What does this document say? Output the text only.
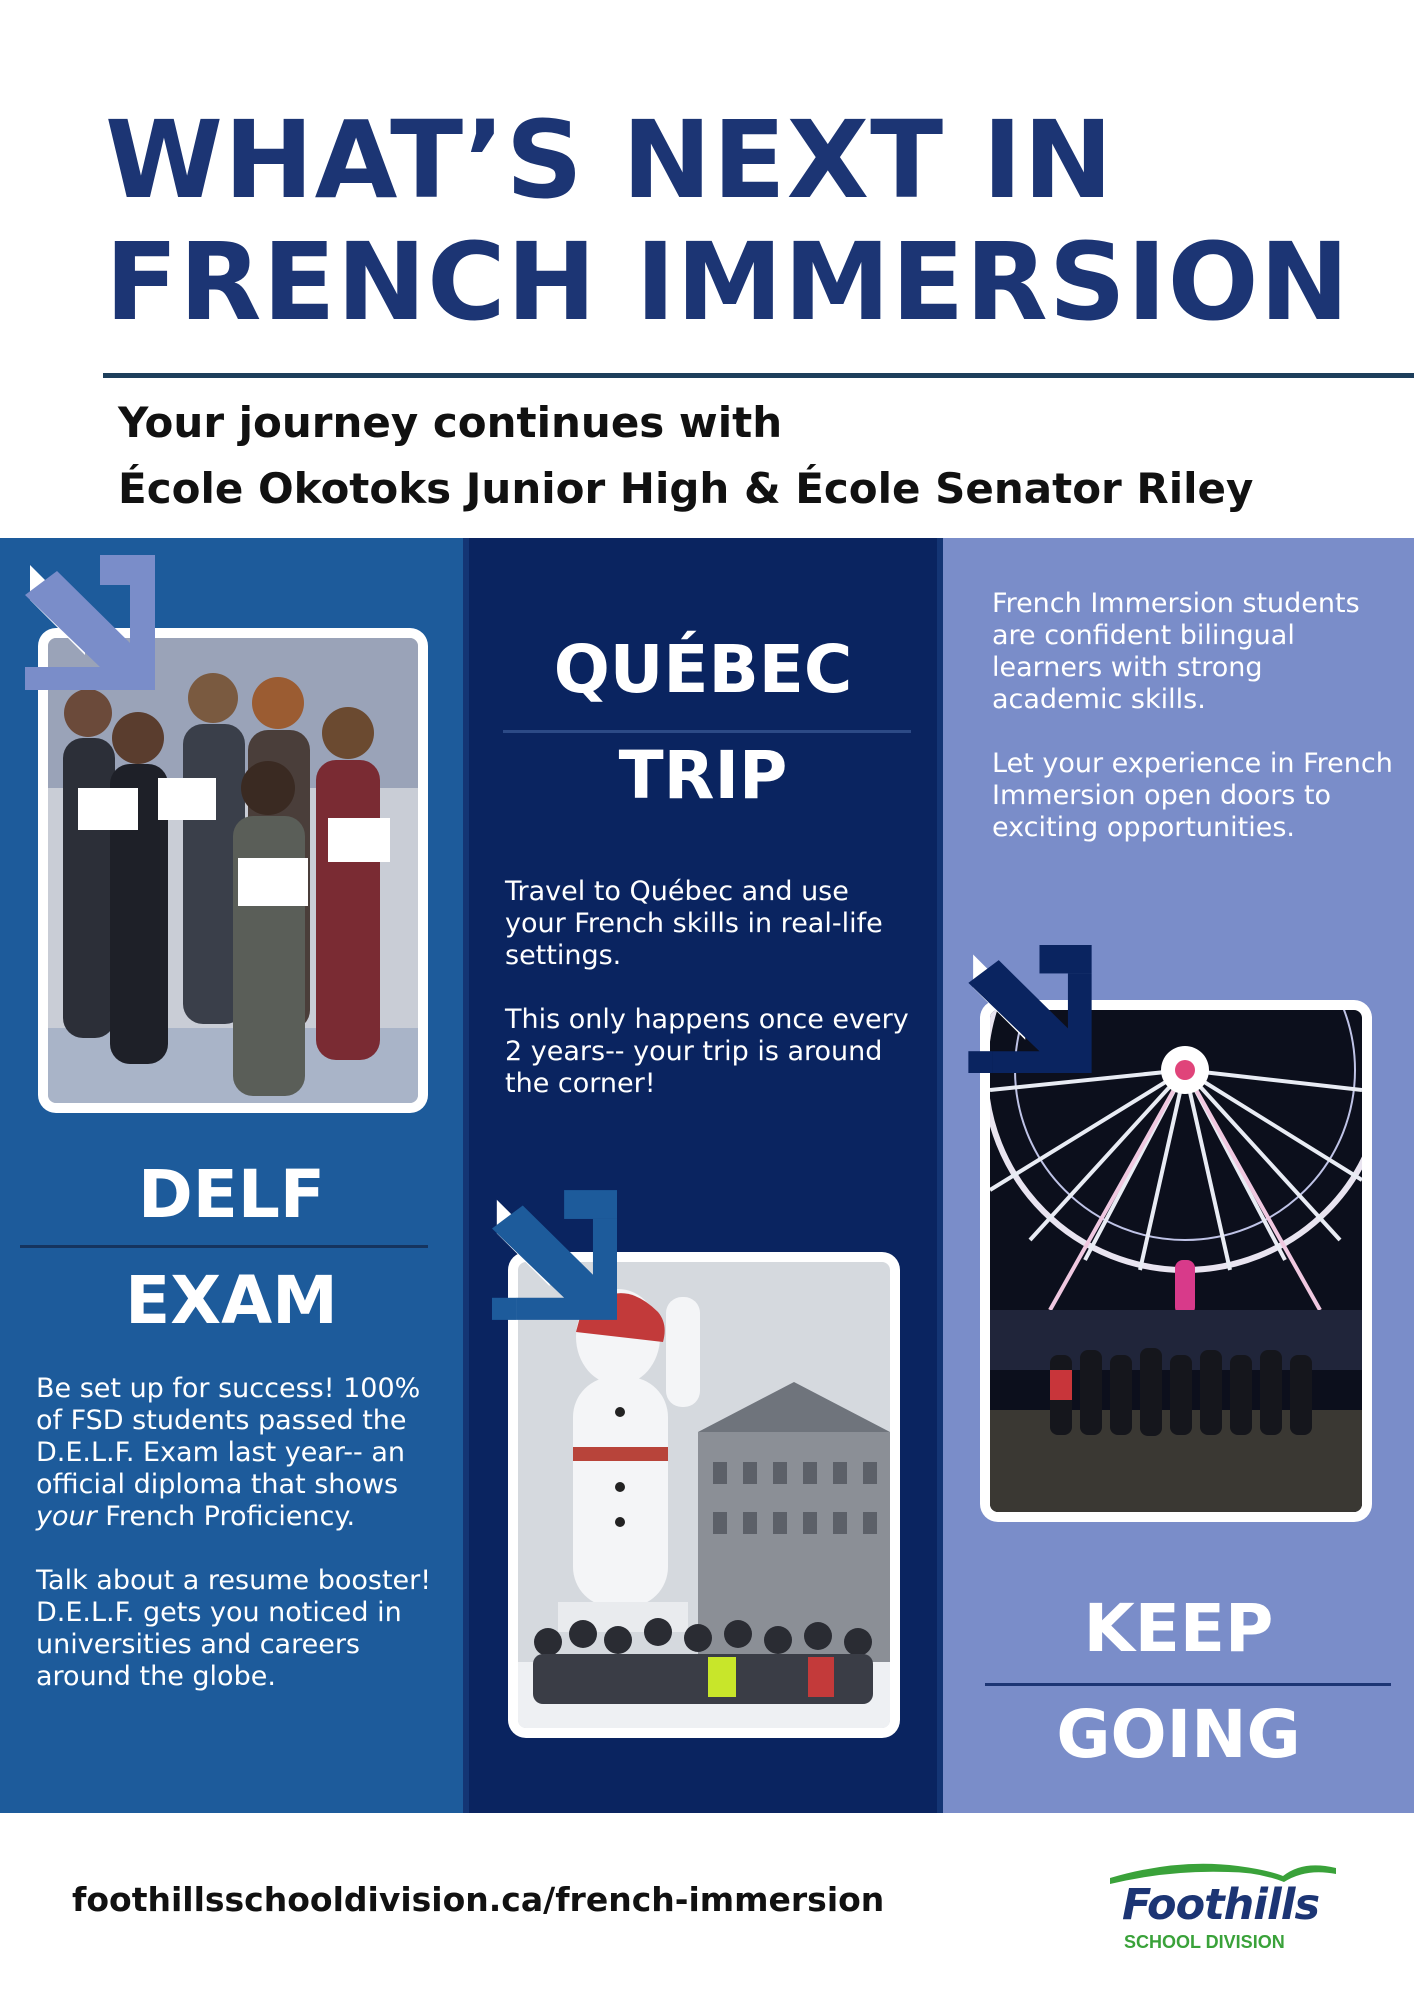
WHAT’S NEXT IN
FRENCH IMMERSION
Your journey continues with
École Okotoks Junior High & École Senator Riley
DELF
EXAM

Be set up for success! 100% of FSD students passed the D.E.L.F. Exam last year-- an official diploma that shows your French Proficiency.

Talk about a resume booster! D.E.L.F. gets you noticed in universities and careers around the globe.

QUÉBEC
TRIP

Travel to Québec and use your French skills in real-life settings.

This only happens once every 2 years-- your trip is around the corner!

French Immersion students are confident bilingual learners with strong academic skills.

Let your experience in French Immersion open doors to exciting opportunities.

KEEP
GOING
foothillsschooldivision.ca/french-immersion	Foothills
SCHOOL DIVISION
